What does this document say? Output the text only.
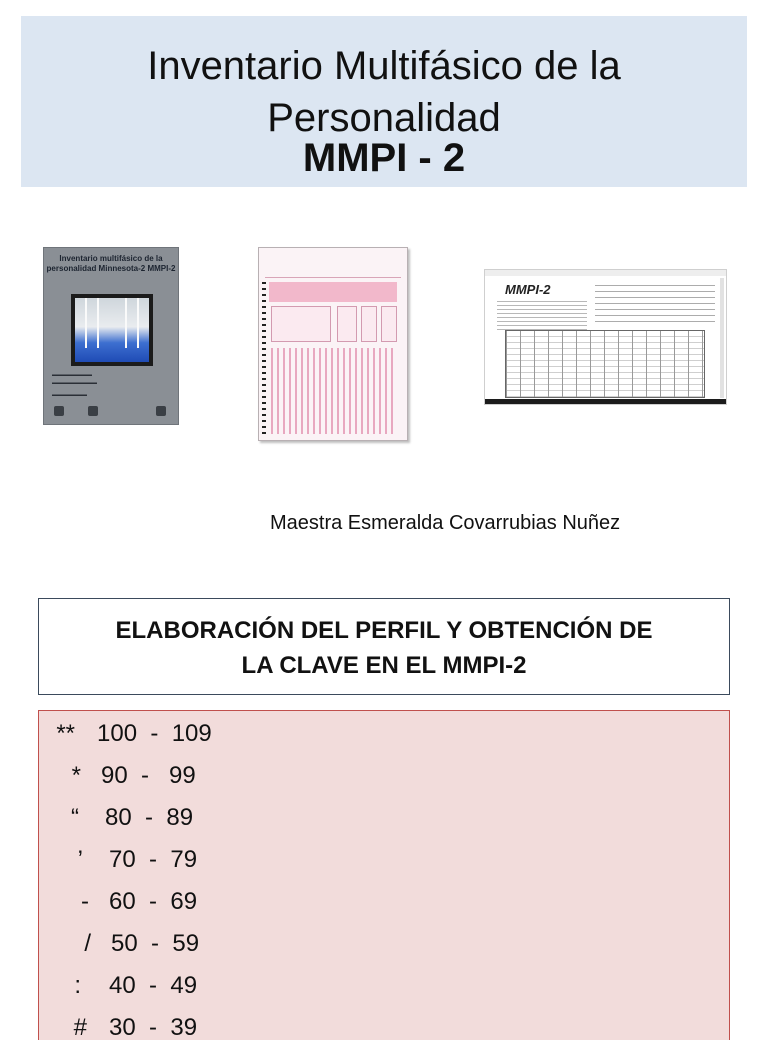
Inventario Multifásico de la
Personalidad
MMPI - 2
Inventario multifásico de la personalidad Minnesota-2 MMPI-2
▬▬▬▬▬▬▬▬
▬▬▬▬▬▬▬▬▬
▬▬▬▬▬▬▬
MMPI-2
Maestra Esmeralda Covarrubias Nuñez
ELABORACIÓN DEL PERFIL Y OBTENCIÓN DE
LA CLAVE EN EL MMPI-2
** 100  -  109
* 90  -   99
“ 80  -  89
’ 70  -  79
- 60  -  69
/ 50  -  59
: 40  -  49
# 30  -  39
